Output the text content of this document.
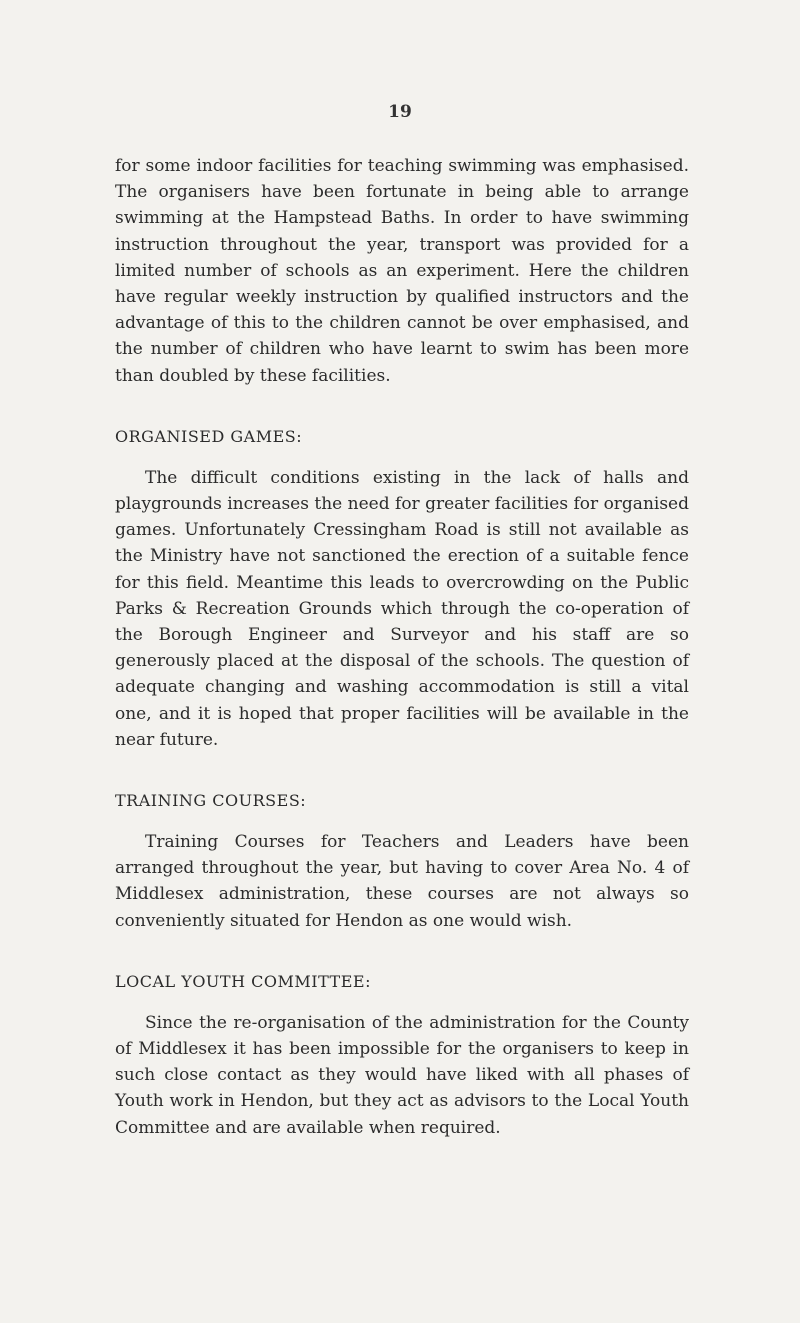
19

for some indoor facilities for teaching swimming was emphasised. The organisers have been fortunate in being able to arrange swimming at the Hampstead Baths. In order to have swimming instruction throughout the year, transport was provided for a limited number of schools as an experiment. Here the children have regular weekly instruction by qualified instructors and the advantage of this to the children cannot be over emphasised, and the number of children who have learnt to swim has been more than doubled by these facilities.

ORGANISED GAMES:

The difficult conditions existing in the lack of halls and playgrounds increases the need for greater facilities for organised games. Unfortunately Cressingham Road is still not available as the Ministry have not sanctioned the erection of a suitable fence for this field. Meantime this leads to overcrowding on the Public Parks & Recreation Grounds which through the co-operation of the Borough Engineer and Surveyor and his staff are so generously placed at the disposal of the schools. The question of adequate changing and washing accommodation is still a vital one, and it is hoped that proper facilities will be available in the near future.

TRAINING COURSES:

Training Courses for Teachers and Leaders have been arranged throughout the year, but having to cover Area No. 4 of Middlesex administration, these courses are not always so conveniently situated for Hendon as one would wish.

LOCAL YOUTH COMMITTEE:

Since the re-organisation of the administration for the County of Middlesex it has been impossible for the organisers to keep in such close contact as they would have liked with all phases of Youth work in Hendon, but they act as advisors to the Local Youth Committee and are available when required.
